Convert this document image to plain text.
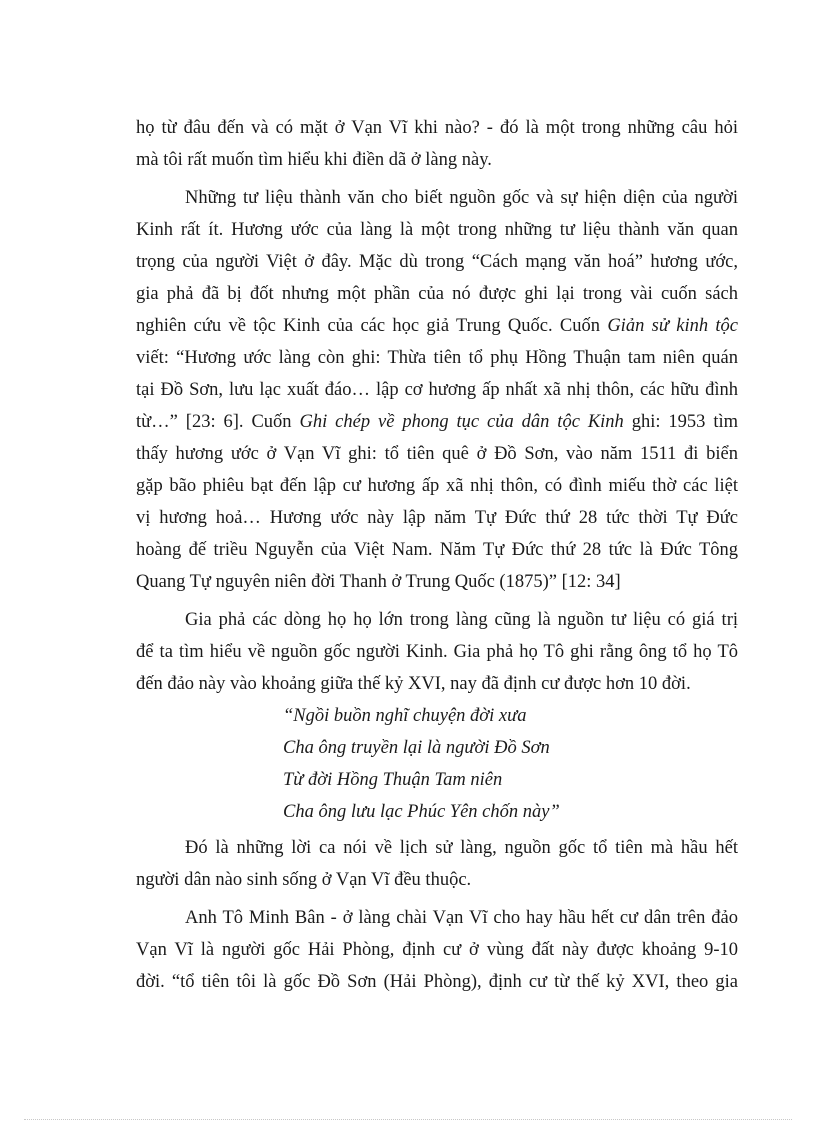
họ từ đâu đến và có mặt ở Vạn Vĩ khi nào? - đó là một trong những câu hỏi
mà tôi rất muốn tìm hiểu khi điền dã ở làng này.
Những tư liệu thành văn cho biết nguồn gốc và sự hiện diện của người
Kinh rất ít. Hương ước của làng là một trong những tư liệu thành văn quan
trọng của người Việt ở đây. Mặc dù trong “Cách mạng văn hoá” hương ước,
gia phả đã bị đốt nhưng một phần của nó được ghi lại trong vài cuốn sách
nghiên cứu về tộc Kinh của các học giả Trung Quốc. Cuốn Giản sử kinh tộc
viết: “Hương ước làng còn ghi: Thừa tiên tổ phụ Hồng Thuận tam niên quán
tại Đồ Sơn, lưu lạc xuất đáo… lập cơ hương ấp nhất xã nhị thôn, các hữu đình
từ…” [23: 6]. Cuốn Ghi chép về phong tục của dân tộc Kinh ghi: 1953 tìm
thấy hương ước ở Vạn Vĩ ghi: tổ tiên quê ở Đồ Sơn, vào năm 1511 đi biển
gặp bão phiêu bạt đến lập cư hương ấp xã nhị thôn, có đình miếu thờ các liệt
vị hương hoả… Hương ước này lập năm Tự Đức thứ 28 tức thời Tự Đức
hoàng đế triều Nguyễn của Việt Nam. Năm Tự Đức thứ 28 tức là Đức Tông
Quang Tự nguyên niên đời Thanh ở Trung Quốc (1875)” [12: 34]
Gia phả các dòng họ họ lớn trong làng cũng là nguồn tư liệu có giá trị
để ta tìm hiểu về nguồn gốc người Kinh. Gia phả họ Tô ghi rằng ông tổ họ Tô
đến đảo này vào khoảng giữa thế kỷ XVI, nay đã định cư được hơn 10 đời.
“Ngồi buồn nghĩ chuyện đời xưa
Cha ông truyền lại là người Đồ Sơn
Từ đời Hồng Thuận Tam niên
Cha ông lưu lạc Phúc Yên chốn này”
Đó là những lời ca nói về lịch sử làng, nguồn gốc tổ tiên mà hầu hết
người dân nào sinh sống ở Vạn Vĩ đều thuộc.
Anh Tô Minh Bân - ở làng chài Vạn Vĩ cho hay hầu hết cư dân trên đảo
Vạn Vĩ là người gốc Hải Phòng, định cư ở vùng đất này được khoảng 9-10
đời. “tổ tiên tôi là gốc Đồ Sơn (Hải Phòng), định cư từ thế kỷ XVI, theo gia
